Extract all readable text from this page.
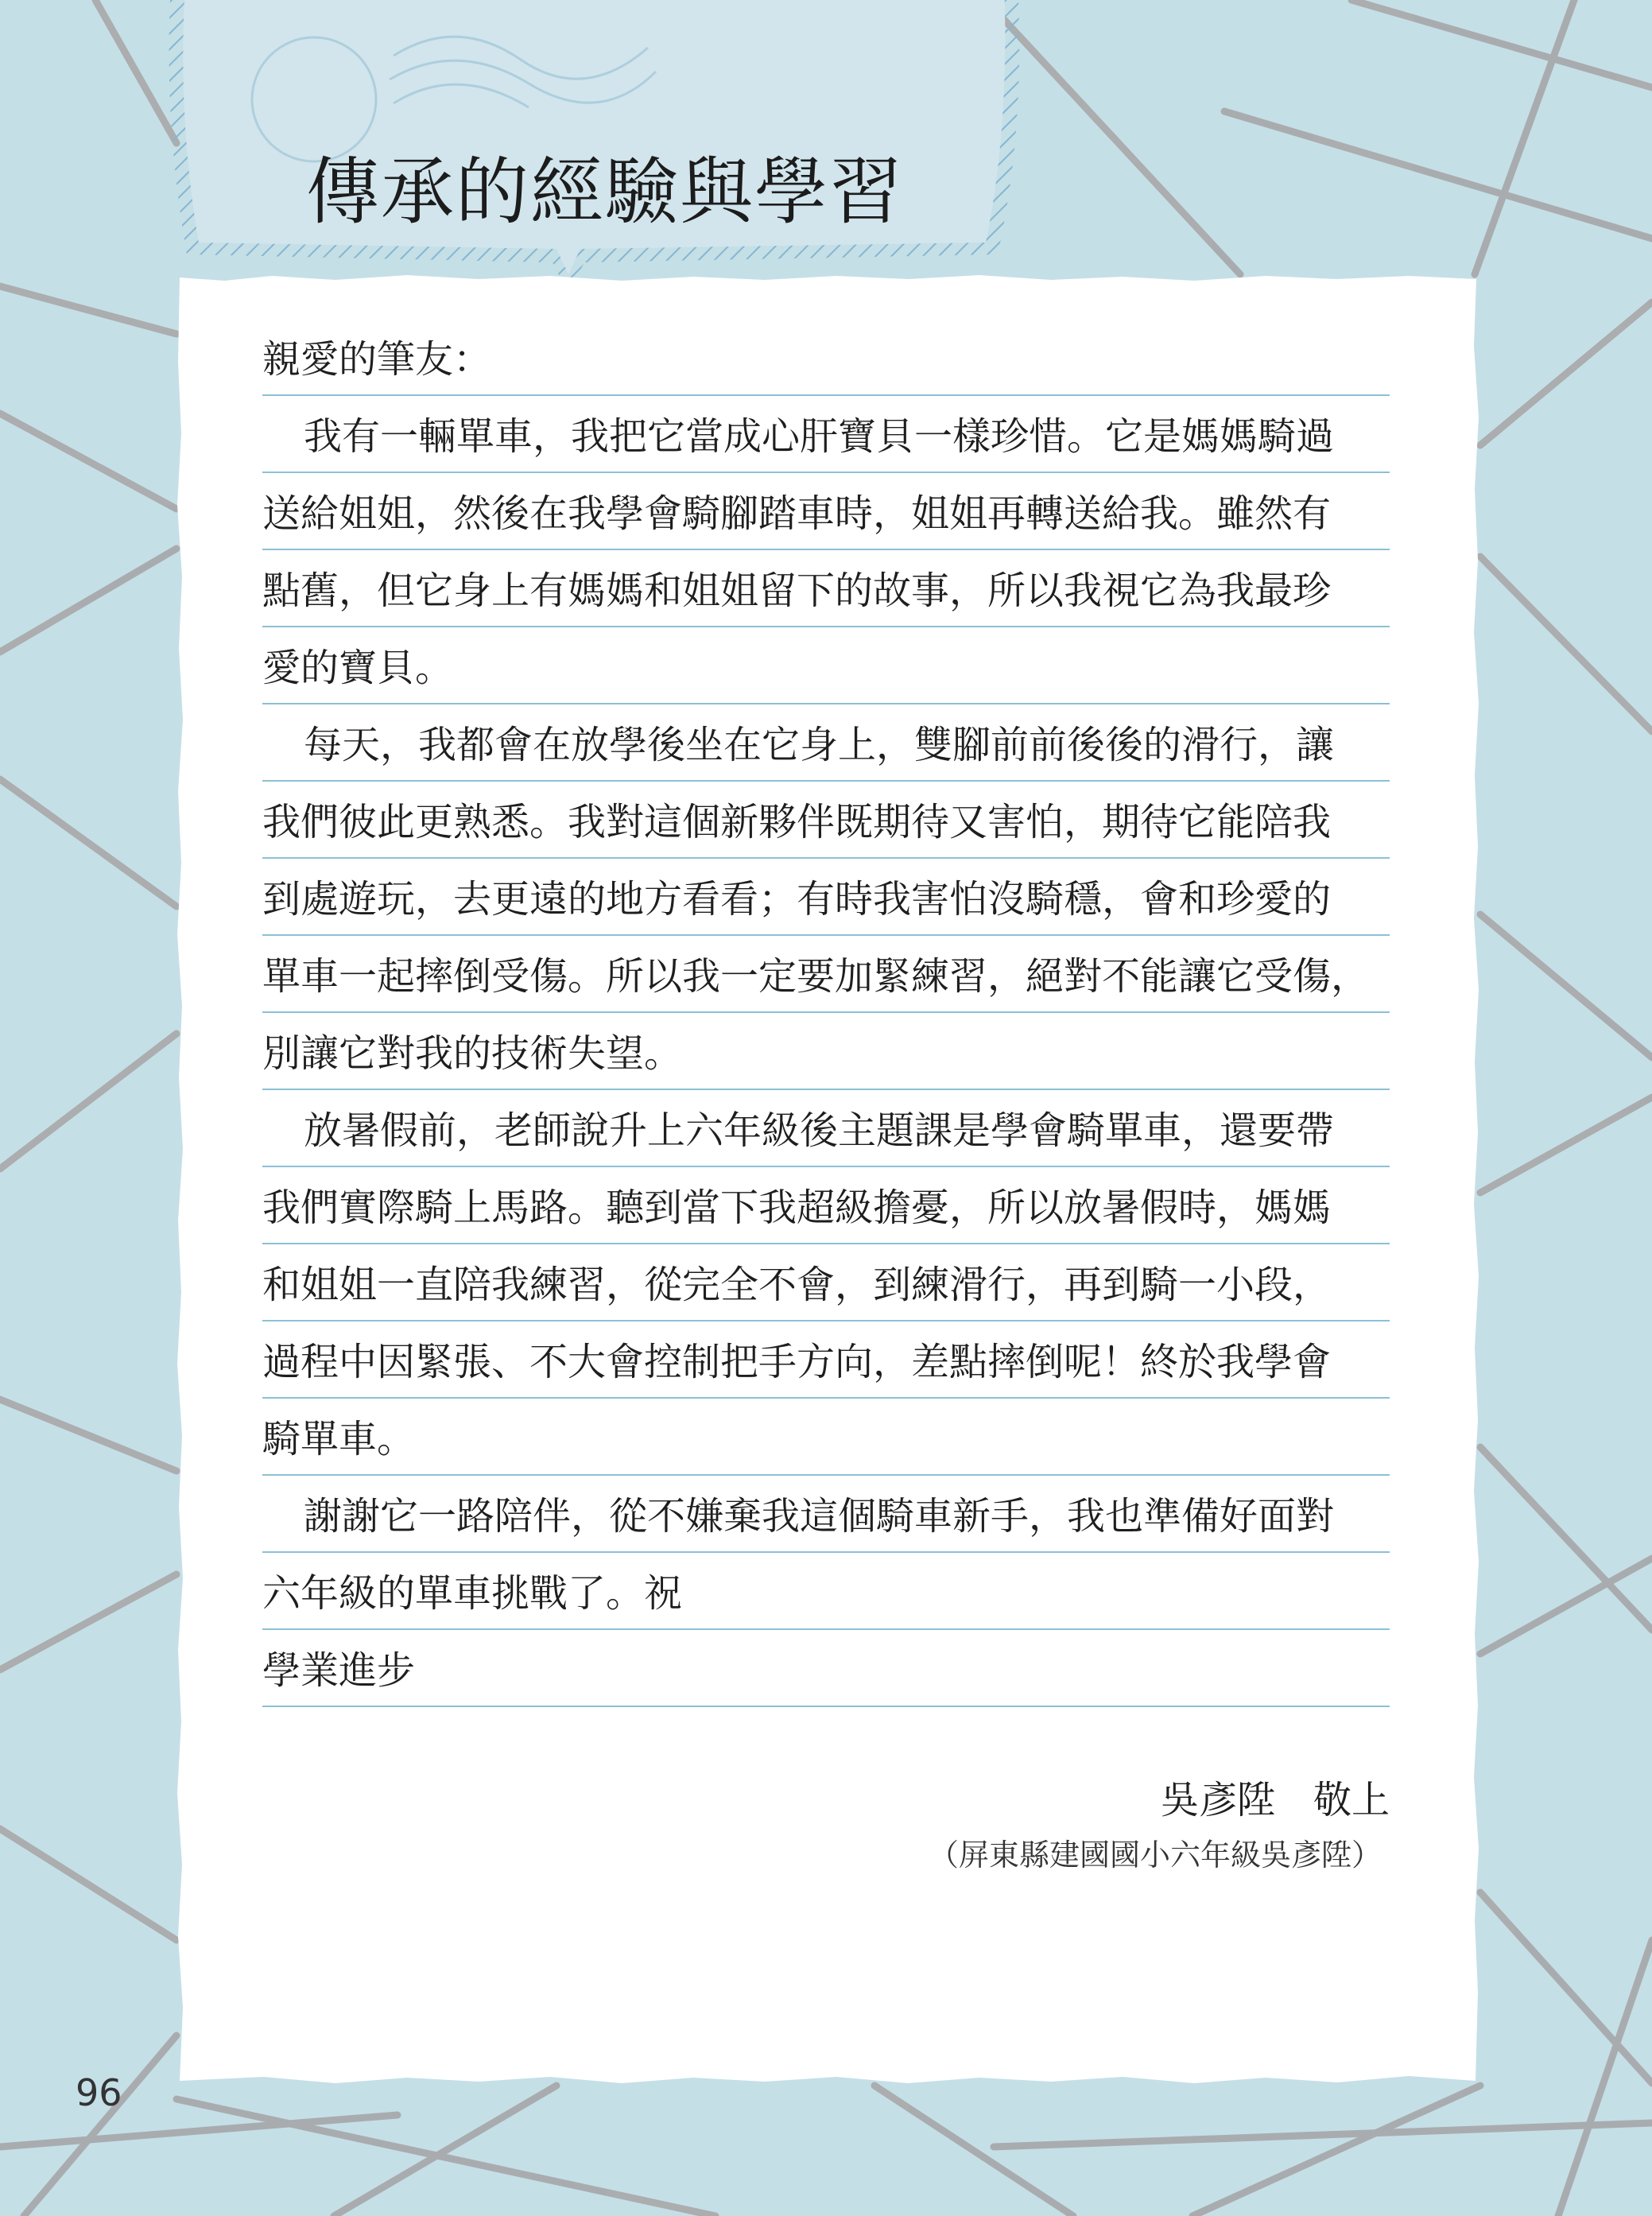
傳承的經驗與學習
親愛的筆友：
我有一輛單車，我把它當成心肝寶貝一樣珍惜。它是媽媽騎過
送給姐姐，然後在我學會騎腳踏車時，姐姐再轉送給我。雖然有
點舊，但它身上有媽媽和姐姐留下的故事，所以我視它為我最珍
愛的寶貝。
每天，我都會在放學後坐在它身上，雙腳前前後後的滑行，讓
我們彼此更熟悉。我對這個新夥伴既期待又害怕，期待它能陪我
到處遊玩，去更遠的地方看看；有時我害怕沒騎穩，會和珍愛的
單車一起摔倒受傷。所以我一定要加緊練習，絕對不能讓它受傷，
別讓它對我的技術失望。
放暑假前，老師說升上六年級後主題課是學會騎單車，還要帶
我們實際騎上馬路。聽到當下我超級擔憂，所以放暑假時，媽媽
和姐姐一直陪我練習，從完全不會，到練滑行，再到騎一小段，
過程中因緊張、不大會控制把手方向，差點摔倒呢！終於我學會
騎單車。
謝謝它一路陪伴，從不嫌棄我這個騎車新手，我也準備好面對
六年級的單車挑戰了。祝
學業進步
吳彥陞　敬上
（屏東縣建國國小六年級吳彥陞）
96
